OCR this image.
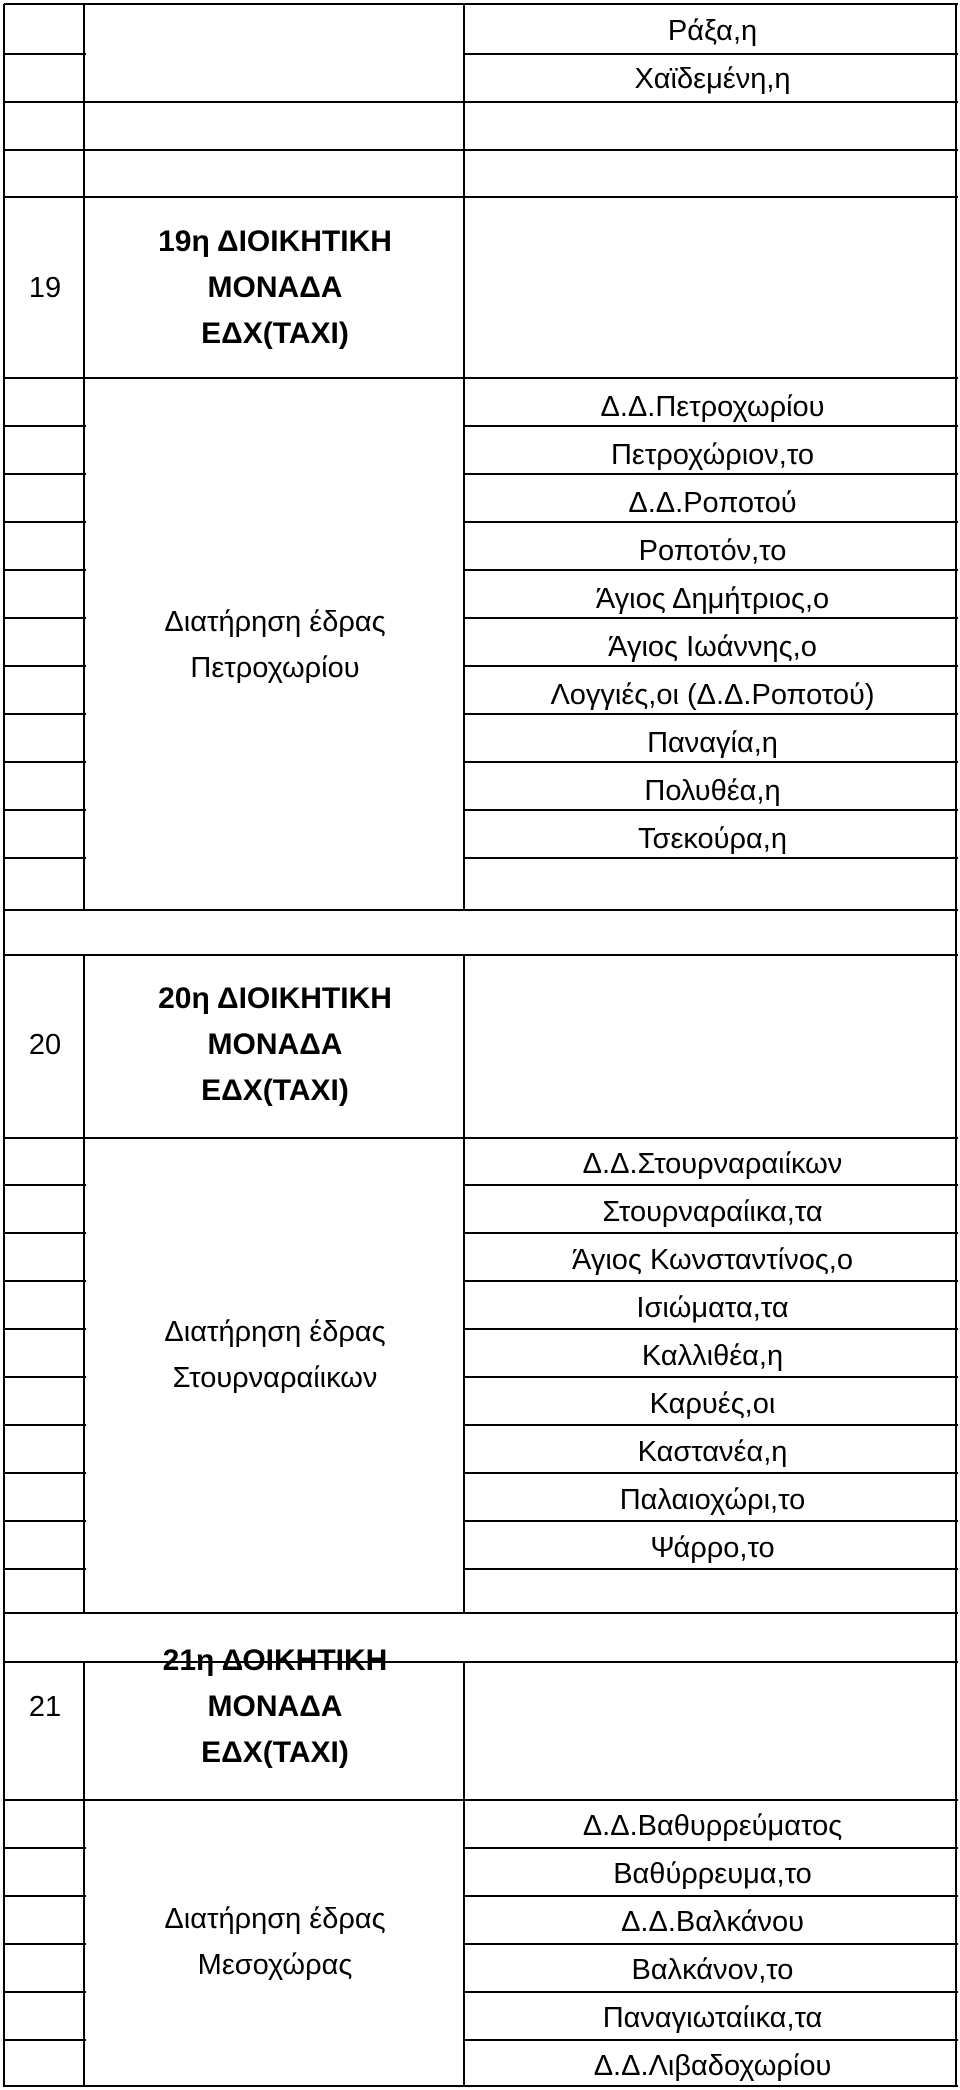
Ράξα,η

Χαϊδεμένη,η

19
19η ΔΙΟΙΚΗΤΙΚΗ
ΜΟΝΑΔΑ
ΕΔΧ(ΤΑΧΙ)
Διατήρηση έδρας
Πετροχωρίου
Δ.Δ.Πετροχωρίου
Πετροχώριον,το
Δ.Δ.Ροποτού
Ροποτόν,το
Άγιος Δημήτριος,ο
Άγιος Ιωάννης,ο
Λογγιές,οι (Δ.Δ.Ροποτού)
Παναγία,η
Πολυθέα,η
Τσεκούρα,η
20
20η ΔΙΟΙΚΗΤΙΚΗ
ΜΟΝΑΔΑ
ΕΔΧ(ΤΑΧΙ)
Διατήρηση έδρας
Στουρναραίικων
Δ.Δ.Στουρναραιίκων
Στουρναραίικα,τα
Άγιος Κωνσταντίνος,ο
Ισιώματα,τα
Καλλιθέα,η
Καρυές,οι
Καστανέα,η
Παλαιοχώρι,το
Ψάρρο,το
21
21η ΔΟΙΚΗΤΙΚΗ
ΜΟΝΑΔΑ
ΕΔΧ(ΤΑΧΙ)
Διατήρηση έδρας
Μεσοχώρας
Δ.Δ.Βαθυρρεύματος
Βαθύρρευμα,το
Δ.Δ.Βαλκάνου
Βαλκάνον,το
Παναγιωταίικα,τα
Δ.Δ.Λιβαδοχωρίου
